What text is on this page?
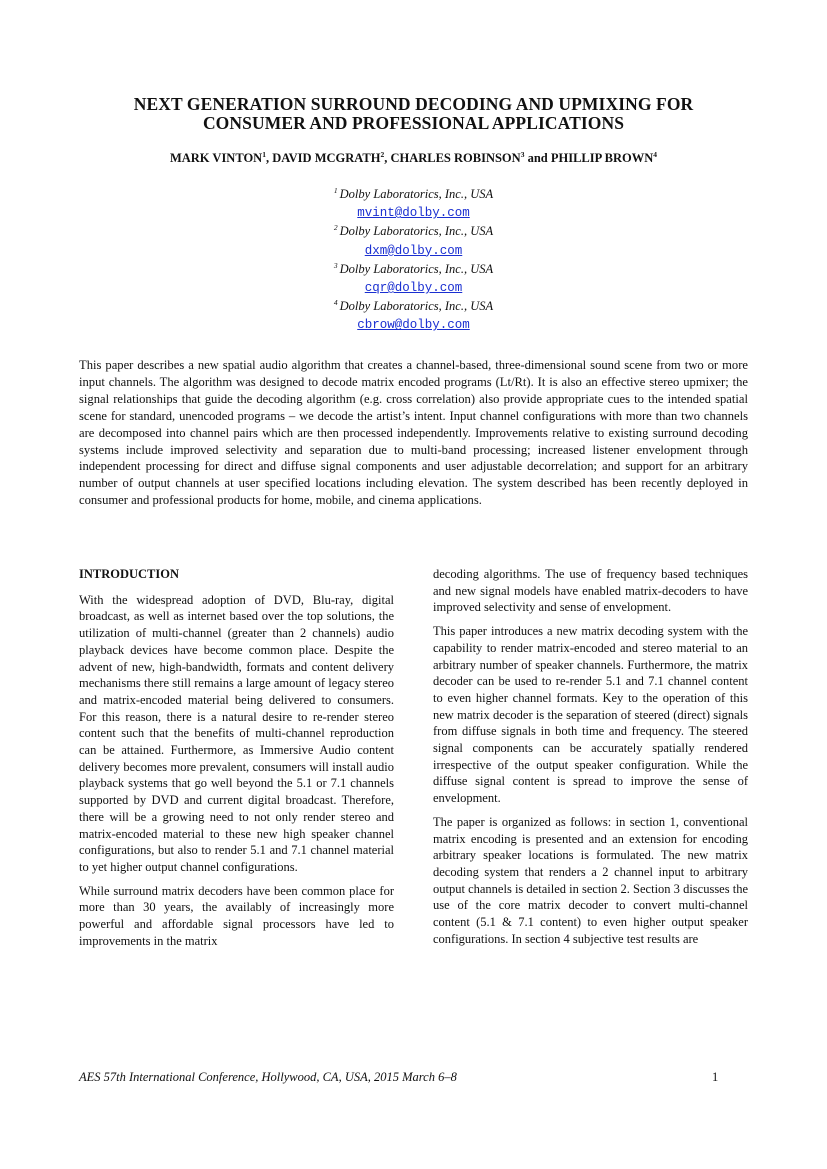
NEXT GENERATION SURROUND DECODING AND UPMIXING FOR
CONSUMER AND PROFESSIONAL APPLICATIONS
MARK VINTON$^1$, DAVID MCGRATH$^2$, CHARLES ROBINSON$^3$ and PHILLIP BROWN$^4$
$^1$ Dolby Laboratorics, Inc., USA
mvint@dolby.com
$^2$ Dolby Laboratorics, Inc., USA
dxm@dolby.com
$^3$ Dolby Laboratorics, Inc., USA
cqr@dolby.com
$^4$ Dolby Laboratorics, Inc., USA
cbrow@dolby.com
This paper describes a new spatial audio algorithm that creates a channel-based, three-dimensional sound scene from two or more input channels. The algorithm was designed to decode matrix encoded programs (Lt/Rt). It is also an effective stereo upmixer; the signal relationships that guide the decoding algorithm (e.g. cross correlation) also provide appropriate cues to the intended spatial scene for standard, unencoded programs – we decode the artist’s intent. Input channel configurations with more than two channels are decomposed into channel pairs which are then processed independently. Improvements relative to existing surround decoding systems include improved selectivity and separation due to multi-band processing; increased listener envelopment through independent processing for direct and diffuse signal components and user adjustable decorrelation; and support for an arbitrary number of output channels at user specified locations including elevation. The system described has been recently deployed in consumer and professional products for home, mobile, and cinema applications.
INTRODUCTION

With the widespread adoption of DVD, Blu-ray, digital broadcast, as well as internet based over the top solutions, the utilization of multi-channel (greater than 2 channels) audio playback devices have become common place. Despite the advent of new, high-bandwidth, formats and content delivery mechanisms there still remains a large amount of legacy stereo and matrix-encoded material being delivered to consumers. For this reason, there is a natural desire to re-render stereo content such that the benefits of multi-channel reproduction can be attained. Furthermore, as Immersive Audio content delivery becomes more prevalent, consumers will install audio playback systems that go well beyond the 5.1 or 7.1 channels supported by DVD and current digital broadcast. Therefore, there will be a growing need to not only render stereo and matrix-encoded material to these new high speaker channel configurations, but also to render 5.1 and 7.1 channel material to yet higher output channel configurations.

While surround matrix decoders have been common place for more than 30 years, the availably of increasingly more powerful and affordable signal processors have led to improvements in the matrix

decoding algorithms. The use of frequency based techniques and new signal models have enabled matrix-decoders to have improved selectivity and sense of envelopment.

This paper introduces a new matrix decoding system with the capability to render matrix-encoded and stereo material to an arbitrary number of speaker channels. Furthermore, the matrix decoder can be used to re-render 5.1 and 7.1 channel content to even higher channel formats. Key to the operation of this new matrix decoder is the separation of steered (direct) signals from diffuse signals in both time and frequency. The steered signal components can be accurately spatially rendered irrespective of the output speaker configuration. While the diffuse signal content is spread to improve the sense of envelopment.

The paper is organized as follows: in section 1, conventional matrix encoding is presented and an extension for encoding arbitrary speaker locations is formulated. The new matrix decoding system that renders a 2 channel input to arbitrary output channels is detailed in section 2. Section 3 discusses the use of the core matrix decoder to convert multi-channel content (5.1 & 7.1 content) to even higher output speaker configurations. In section 4 subjective test results are

AES 57th International Conference, Hollywood, CA, USA, 2015 March 6–8	1
